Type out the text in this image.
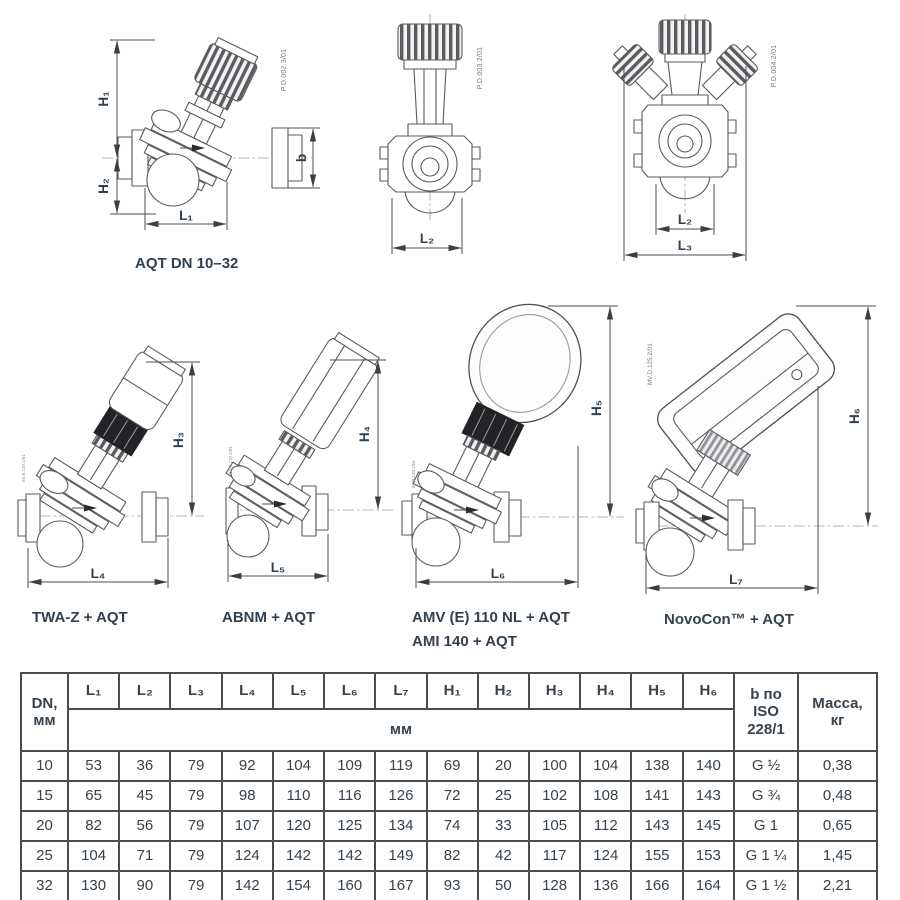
H₁
H₂
L₁
b
P.D.002.3/01
L₂
P.D.003.2/01
L₂
L₃
P.D.004.2/01
AQT DN 10–32
H₃
L₄
84.B.118.1/01
H₄
L₅
84.B.119.1/01
H₅
L₆
84.B.120.1/01
H₆
L₇
MV.D.125.2/01
TWA-Z + AQT	ABNM + AQT	AMV (E) 110 NL + AQT
AMI 140 + AQT
NovoCon™ + AQT
DN,
мм	L₁	L₂	L₃	L₄	L₅	L₆	L₇	H₁	H₂	H₃	H₄	H₅	H₆	b по
ISO
228/1	Масса,
кг

	мм														
10	53	36	79	92	104	109	119	69	20	100	104	138	140	G ½	0,38
15	65	45	79	98	110	116	126	72	25	102	108	141	143	G ¾	0,48
20	82	56	79	107	120	125	134	74	33	105	112	143	145	G 1	0,65
25	104	71	79	124	142	142	149	82	42	117	124	155	153	G 1 ¼	1,45
32	130	90	79	142	154	160	167	93	50	128	136	166	164	G 1 ½	2,21
